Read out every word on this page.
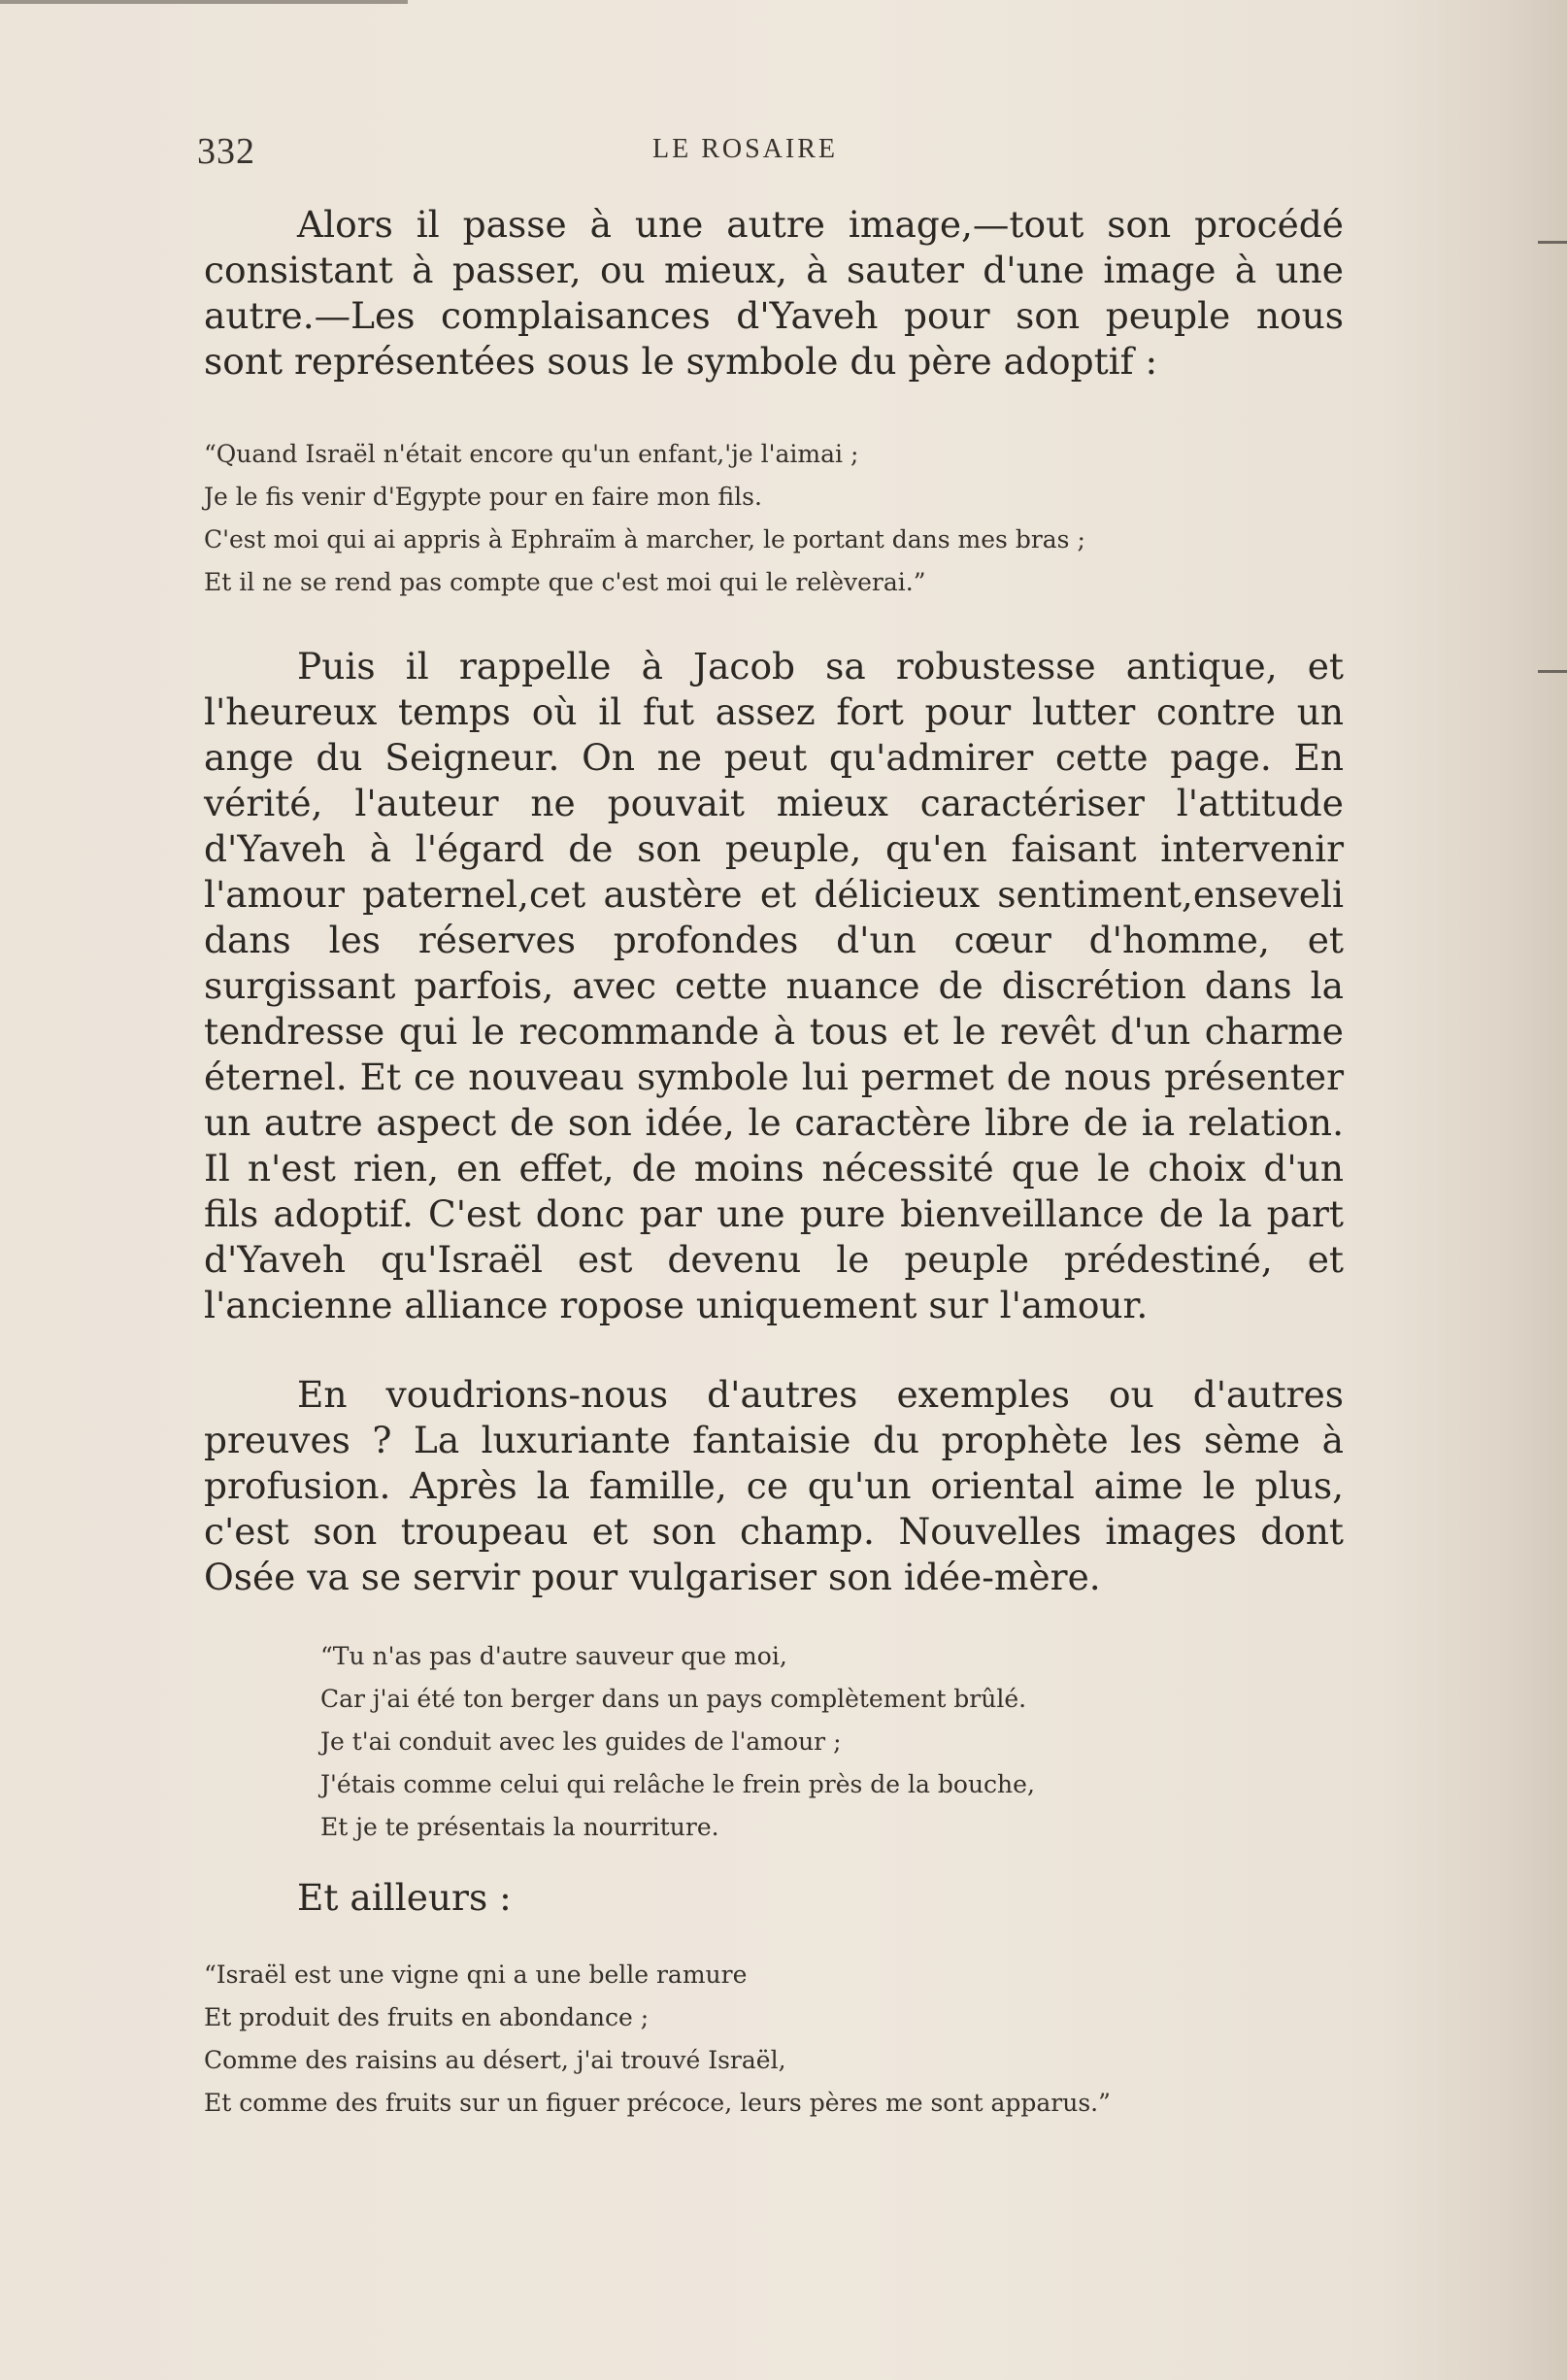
332	LE ROSAIRE

Alors il passe à une autre image,—tout son procédé consistant à passer, ou mieux, à sauter d'une image à une autre.—Les complaisances d'Yaveh pour son peuple nous sont représentées sous le symbole du père adoptif :

“Quand Israël n'était encore qu'un enfant,'je l'aimai ;
Je le fis venir d'Egypte pour en faire mon fils.
C'est moi qui ai appris à Ephraïm à marcher, le portant dans mes bras ;
Et il ne se rend pas compte que c'est moi qui le relèverai.”

Puis il rappelle à Jacob sa robustesse antique, et l'heureux temps où il fut assez fort pour lutter contre un ange du Seigneur. On ne peut qu'admirer cette page. En vérité, l'auteur ne pouvait mieux caractériser l'attitude d'Yaveh à l'égard de son peuple, qu'en faisant intervenir l'amour paternel,cet austère et délicieux sentiment,enseveli dans les réserves profondes d'un cœur d'homme, et surgissant parfois, avec cette nuance de discrétion dans la tendresse qui le recommande à tous et le revêt d'un charme éternel. Et ce nouveau symbole lui permet de nous présenter un autre aspect de son idée, le caractère libre de ia relation. Il n'est rien, en effet, de moins nécessité que le choix d'un fils adoptif. C'est donc par une pure bienveillance de la part d'Yaveh qu'Israël est devenu le peuple prédestiné, et l'ancienne alliance ropose uniquement sur l'amour.

En voudrions-nous d'autres exemples ou d'autres preuves ? La luxuriante fantaisie du prophète les sème à profusion. Après la famille, ce qu'un oriental aime le plus, c'est son troupeau et son champ. Nouvelles images dont Osée va se servir pour vulgariser son idée-mère.

“Tu n'as pas d'autre sauveur que moi,
Car j'ai été ton berger dans un pays complètement brûlé.
Je t'ai conduit avec les guides de l'amour ;
J'étais comme celui qui relâche le frein près de la bouche,
Et je te présentais la nourriture.
Et ailleurs :
“Israël est une vigne qni a une belle ramure
Et produit des fruits en abondance ;
Comme des raisins au désert, j'ai trouvé Israël,
Et comme des fruits sur un figuer précoce, leurs pères me sont apparus.”
